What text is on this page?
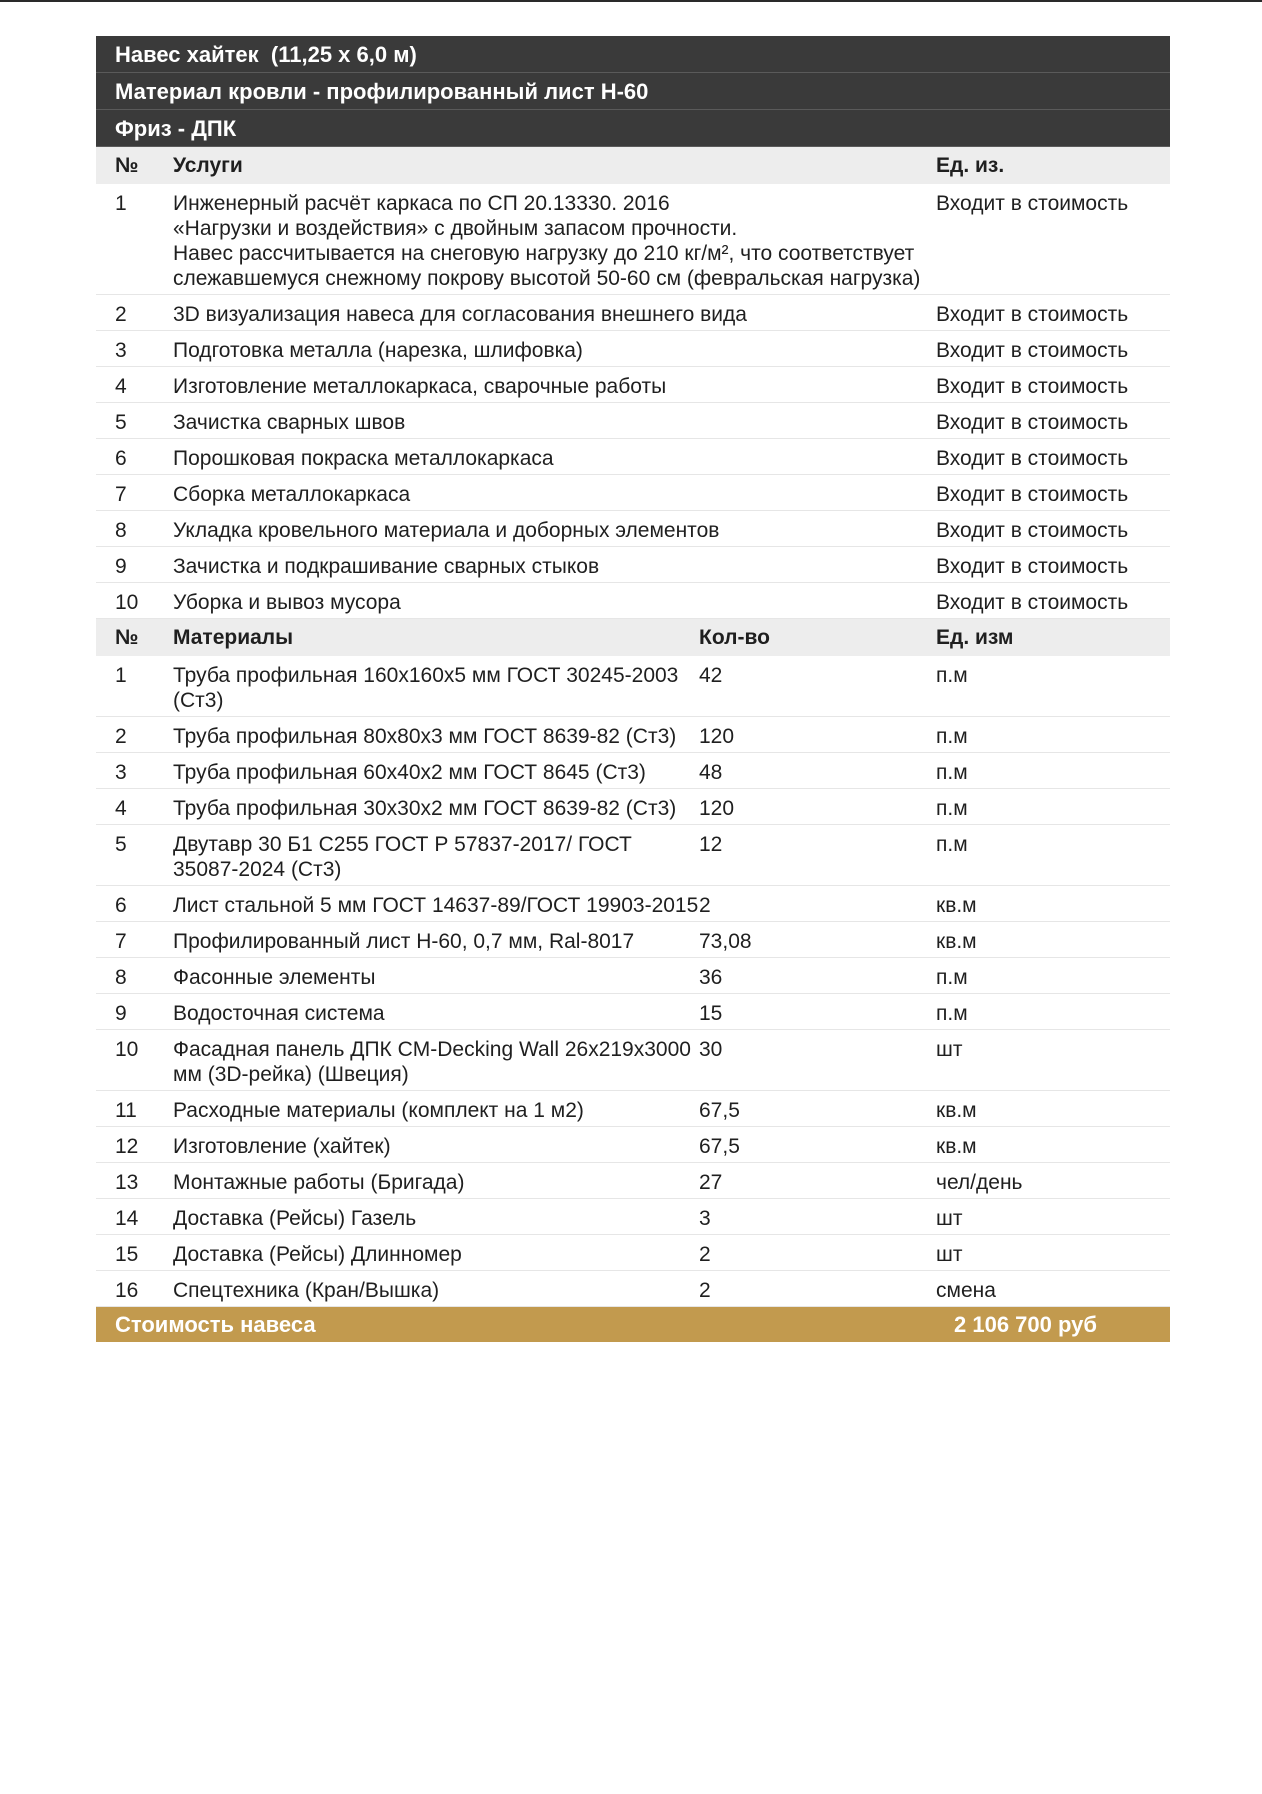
Навес хайтек  (11,25 х 6,0 м)
Материал кровли - профилированный лист Н-60
Фриз - ДПК
№	Услуги	Ед. из.
1	Инженерный расчёт каркаса по СП 20.13330. 2016
«Нагрузки и воздействия» с двойным запасом прочности.
Навес рассчитывается на снеговую нагрузку до 210 кг/м², что соответствует слежавшемуся снежному покрову высотой 50-60 см (февральская нагрузка)	Входит в стоимость
2	3D визуализация навеса для согласования внешнего вида	Входит в стоимость
3	Подготовка металла (нарезка, шлифовка)	Входит в стоимость
4	Изготовление металлокаркаса, сварочные работы	Входит в стоимость
5	Зачистка сварных швов	Входит в стоимость
6	Порошковая покраска металлокаркаса	Входит в стоимость
7	Сборка металлокаркаса	Входит в стоимость
8	Укладка кровельного материала и доборных элементов	Входит в стоимость
9	Зачистка и подкрашивание сварных стыков	Входит в стоимость
10	Уборка и вывоз мусора	Входит в стоимость
№	Материалы	Кол-во	Ед. изм
1	Труба профильная 160х160х5 мм ГОСТ 30245-2003 (Ст3)	42	п.м
2	Труба профильная 80х80х3 мм ГОСТ 8639-82 (Ст3)	120	п.м
3	Труба профильная 60х40х2 мм ГОСТ 8645 (Ст3)	48	п.м
4	Труба профильная 30х30х2 мм ГОСТ 8639-82 (Ст3)	120	п.м
5	Двутавр 30 Б1 С255 ГОСТ Р 57837-2017/ ГОСТ 35087-2024 (Ст3)	12	п.м
6	Лист стальной 5 мм ГОСТ 14637-89/ГОСТ 19903-2015	2	кв.м
7	Профилированный лист Н-60, 0,7 мм, Ral-8017	73,08	кв.м
8	Фасонные элементы	36	п.м
9	Водосточная система	15	п.м
10	Фасадная панель ДПК CM-Decking Wall 26х219х3000 мм (3D-рейка) (Швеция)	30	шт
11	Расходные материалы (комплект на 1 м2)	67,5	кв.м
12	Изготовление (хайтек)	67,5	кв.м
13	Монтажные работы (Бригада)	27	чел/день
14	Доставка (Рейсы) Газель	3	шт
15	Доставка (Рейсы) Длинномер	2	шт
16	Спецтехника (Кран/Вышка)	2	смена
Стоимость навеса	2 106 700 руб
